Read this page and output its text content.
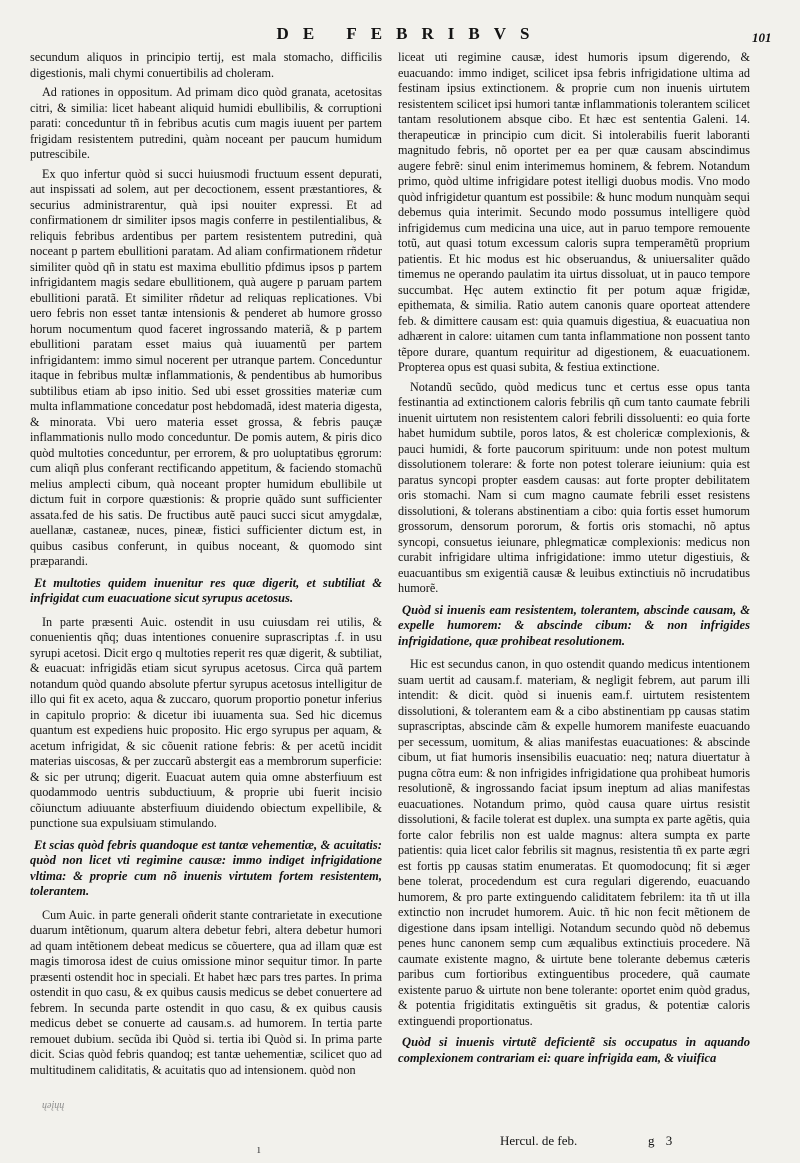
DE FEBRIBVS	101

secundum aliquos in principio tertij, est mala stomacho, difficilis digestionis, mali chymi conuertibilis ad choleram.

Ad rationes in oppositum. Ad primam dico quòd granata, acetositas citri, & similia: licet habeant aliquid humidi ebullibilis, & corruptioni parati: conceduntur tñ in febribus acutis cum magis iuuent per partem frigidam resistentem putredini, quàm noceant per paucum humidum putrescibile.

Ex quo infertur quòd si succi huiusmodi fructuum essent depurati, aut inspissati ad solem, aut per decoctionem, essent præstantiores, & securius administrarentur, quà ipsi nouiter expressi. Et ad confirmationem dr similiter ipsos magis conferre in pestilentialibus, & reliquis febribus ardentibus per partem resistentem putredini, quà noceant p partem ebullitioni paratam. Ad aliam confirmationem rñdetur similiter quòd qñ in statu est maxima ebullitio pfdimus ipsos p partem infrigidantem magis sedare ebullitionem, quà augere p paruam partem ebullitioni paratã. Et similiter rñdetur ad reliquas replicationes. Vbi uero febris non esset tantæ intensionis & penderet ab humore grosso horum nocumentum quod faceret ingrossando materiã, & p partem ebullitioni paratam esset maius quà iuuamentũ per partem infrigidantem: immo simul nocerent per utranque partem. Conceduntur itaque in febribus multæ inflammationis, & pendentibus ab humoribus subtilibus etiam ab ipso initio. Sed ubi esset grossities materiæ cum multa inflammatione concedatur post hebdomadã, idest materia digesta, & minorata. Vbi uero materia esset grossa, & febris pauçæ inflammationis nullo modo conceduntur. De pomis autem, & piris dico quòd multoties conceduntur, per errorem, & pro uoluptatibus ęgrorum: cum aliqñ plus conferant rectificando appetitum, & faciendo stomachũ melius amplecti cibum, quà noceant propter humidum ebullibile ut dictum fuit in corpore quæstionis: & proprie quãdo sunt sufficienter assata.fed de his satis. De fructibus autẽ pauci succi sicut amygdalæ, auellanæ, castaneæ, nuces, pineæ, fistici sufficienter dictum est, in quibus casibus conferunt, in quibus noceant, & quomodo sint præparandi.

Et multoties quidem inuenitur res quæ digerit, et subtiliat & infrigidat cum euacuatione sicut syrupus acetosus.

In parte præsenti Auic. ostendit in usu cuiusdam rei utilis, & conuenientis qñq; duas intentiones conuenire suprascriptas .f. in usu syrupi acetosi. Dicit ergo q multoties reperit res quæ digerit, & subtiliat, & euacuat: infrigidãs etiam sicut syrupus acetosus. Circa quã partem notandum quòd quando absolute pfertur syrupus acetosus intelligitur de illo qui fit ex aceto, aqua & zuccaro, quorum proportio ponetur inferius in capitulo proprio: & dicetur ibi iuuamenta sua. Sed hic dicemus quantum est expediens huic proposito. Hic ergo syrupus per aquam, & acetum infrigidat, & sic cõuenit ratione febris: & per acetũ incidit materias uiscosas, & per zuccarũ abstergit eas a membrorum superficie: & sic per utrunq; digerit. Euacuat autem quia omne absterfiuum est quodammodo uentris subductiuum, & proprie ubi fuerit incisio cõiunctum adiuuante absterfiuum diuidendo obiectum expellibile, & punctione sua expulsiuam stimulando.

Et scias quòd febris quandoque est tantæ vehementiæ, & acuitatis: quòd non licet vti regimine causæ: immo indiget infrigidatione vltima: & proprie cum nõ inuenis virtutem fortem resistentem, tolerantem.

Cum Auic. in parte generali oñderit stante contrarietate in executione duarum intẽtionum, quarum altera debetur febri, altera debetur humori ad quam intẽtionem debeat medicus se cõuertere, qua ad illam quæ est magis timorosa idest de cuius omissione minor sequitur timor. In parte præsenti ostendit hoc in speciali. Et habet hæc pars tres partes. In prima ostendit in quo casu, & ex quibus causis medicus se debet conuertere ad febrem. In secunda parte ostendit in quo casu, & ex quibus causis medicus debet se conuerte ad causam.s. ad humorem. In tertia parte remouet dubium. secũda ibi Quòd si. tertia ibi Quòd si. In prima parte dicit. Scias quòd febris quandoq; est tantæ uehementiæ, scilicet quo ad multitudinem caliditatis, & acuitatis quo ad intensionem. quòd non

liceat uti regimine causæ, idest humoris ipsum digerendo, & euacuando: immo indiget, scilicet ipsa febris infrigidatione ultima ad festinam ipsius extinctionem. & proprie cum non inuenis uirtutem resistentem scilicet ipsi humori tantæ inflammationis tolerantem scilicet tantam resolutionem absque cibo. Et hæc est sententia Galeni. 14. therapeuticæ in principio cum dicit. Si intolerabilis fuerit laboranti magnitudo febris, nõ oportet per ea per quæ causam abscindimus augere febrẽ: sinul enim interimemus hominem, & febrem. Notandum primo, quòd ultime infrigidare potest itelligi duobus modis. Vno modo quòd infrigidetur quantum est possibile: & hunc modum nunquàm sequi debemus quia interimit. Secundo modo possumus intelligere quòd infrigidemus cum medicina una uice, aut in paruo tempore remouente totũ, aut quasi totum excessum caloris supra temperamẽtũ proprium patientis. Et hic modus est hic obseruandus, & uniuersaliter quãdo timemus ne operando paulatim ita uirtus dissoluat, ut in pauco tempore succumbat. Hęc autem extinctio fit per potum aquæ frigidæ, epithemata, & similia. Ratio autem canonis quare oporteat attendere feb. & dimittere causam est: quia quamuis digestiua, & euacuatiua non adhærent in calore: uitamen cum tanta inflammatione non possent tanto tẽpore durare, quantum requiritur ad digestionem, & euacuationem. Propterea opus est quasi subita, & festiua extinctione.

Notandũ secũdo, quòd medicus tunc et certus esse opus tanta festinantia ad extinctionem caloris febrilis qñ cum tanto caumate febrili inuenit uirtutem non resistentem calori febrili dissoluenti: eo quia forte habet humidum subtile, poros latos, & est cholericæ complexionis, & pauci humidi, & forte paucorum spirituum: unde non potest multum dissolutionem tolerare: & forte non potest tolerare ieiunium: quia est paratus syncopi propter easdem causas: aut forte propter debilitatem oris stomachi. Nam si cum magno caumate febrili esset resistens dissolutioni, & tolerans abstinentiam a cibo: quia fortis esset humorum grossorum, densorum pororum, & fortis oris stomachi, nõ aptus syncopi, consuetus ieiunare, phlegmaticæ complexionis: medicus non curabit infrigidare ultima infrigidatione: immo utetur digestiuis, & euacuantibus sm exigentiã causæ & leuibus extinctiuis nõ incrudatibus humorẽ.

Quòd si inuenis eam resistentem, tolerantem, abscinde causam, & expelle humorem: & abscinde cibum: & non infrigides infrigidatione, quæ prohibeat resolutionem.

Hic est secundus canon, in quo ostendit quando medicus intentionem suam uertit ad causam.f. materiam, & negligit febrem, aut parum illi intendit: & dicit. quòd si inuenis eam.f. uirtutem resistentem dissolutioni, & tolerantem eam & a cibo abstinentiam pp causas statim suprascriptas, abscinde cãm & expelle humorem manifeste euacuando per secessum, uomitum, & alias manifestas euacuationes: & abscinde cibum, ut fiat humoris insensibilis euacuatio: neq; natura diuertatur à pugna cõtra eum: & non infrigides infrigidatione qua prohibeat humoris resolutionẽ, & ingrossando faciat ipsum ineptum ad alias manifestas euacuationes. Notandum primo, quòd causa quare uirtus resistit dissolutioni, & facile tolerat est duplex. una sumpta ex parte agẽtis, quia forte calor febrilis non est ualde magnus: altera sumpta ex parte patientis: quia licet calor febrilis sit magnus, resistentia tñ ex parte ægri est fortis pp causas statim enumeratas. Et quomodocunq; fit si æger bene tolerat, procedendum est cura regulari digerendo, euacuando humorem, & pro parte extinguendo caliditatem febrilem: ita tñ ut illa extinctio non incrudet humorem. Auic. tñ hic non fecit mẽtionem de digestione dans ipsam intelligi. Notandum secundo quòd nõ debemus penes hunc canonem semp cum æqualibus extinctiuis procedere. Nã caumate existente magno, & uirtute bene tolerante debemus cæteris paribus cum fortioribus extinguentibus procedere, quã caumate existente paruo & uirtute non bene tolerante: oportet enim quòd gradus, & potentia frigiditatis extinguẽtis sit gradus, & potentiæ caloris extinguendi proportionatus.

Quòd si inuenis virtutẽ deficientẽ sis occupatus in aquando complexionem contrariam ei: quare infrigida eam, & viuifica

ųǝįųų
ı
Hercul. de feb.	g 3
